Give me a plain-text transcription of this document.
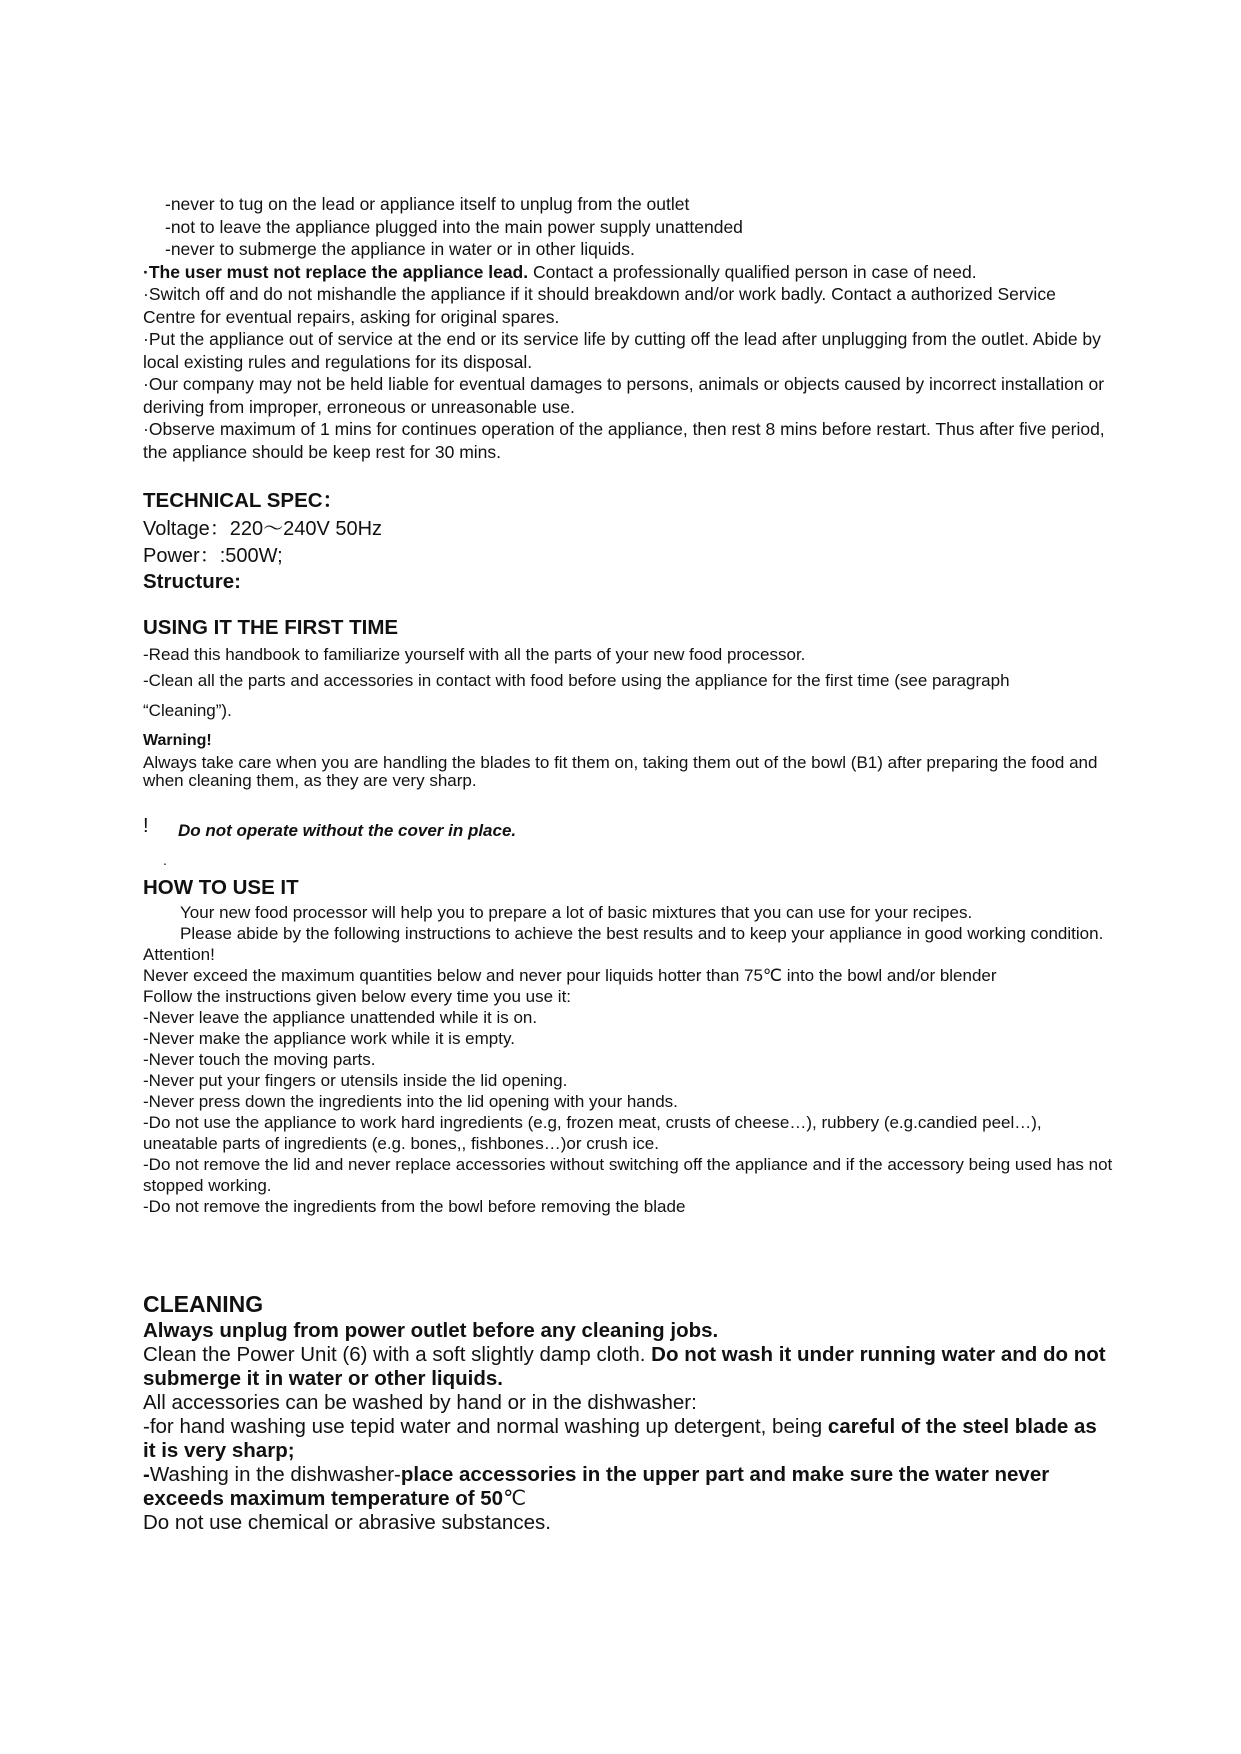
-never to tug on the lead or appliance itself to unplug from the outlet

-not to leave the appliance plugged into the main power supply unattended

-never to submerge the appliance in water or in other liquids.

·The user must not replace the appliance lead. Contact a professionally qualified person in case of need.

·Switch off and do not mishandle the appliance if it should breakdown and/or work badly. Contact a authorized Service Centre for eventual repairs, asking for original spares.

·Put the appliance out of service at the end or its service life by cutting off the lead after unplugging from the outlet. Abide by local existing rules and regulations for its disposal.

·Our company may not be held liable for eventual damages to persons, animals or objects caused by incorrect installation or deriving from improper, erroneous or unreasonable use.

·Observe maximum of 1 mins for continues operation of the appliance, then rest 8 mins before restart. Thus after five period, the appliance should be keep rest for 30 mins.

TECHNICAL SPEC：

Voltage：220～240V 50Hz

Power：:500W;

Structure:

USING IT THE FIRST TIME

-Read this handbook to familiarize yourself with all the parts of your new food processor.

-Clean all the parts and accessories in contact with food before using the appliance for the first time (see paragraph

“Cleaning”).

Warning!

Always take care when you are handling the blades to fit them on, taking them out of the bowl (B1) after preparing the food and when cleaning them, as they are very sharp.

! Do not operate without the cover in place.
.

HOW TO USE IT

Your new food processor will help you to prepare a lot of basic mixtures that you can use for your recipes.

Please abide by the following instructions to achieve the best results and to keep your appliance in good working condition.

Attention!

Never exceed the maximum quantities below and never pour liquids hotter than 75℃ into the bowl and/or blender

Follow the instructions given below every time you use it:

-Never leave the appliance unattended while it is on.

-Never make the appliance work while it is empty.

-Never touch the moving parts.

-Never put your fingers or utensils inside the lid opening.

-Never press down the ingredients into the lid opening with your hands.

-Do not use the appliance to work hard ingredients (e.g, frozen meat, crusts of cheese…), rubbery (e.g.candied peel…), uneatable parts of ingredients (e.g. bones,, fishbones…)or crush ice.

-Do not remove the lid and never replace accessories without switching off the appliance and if the accessory being used has not stopped working.

-Do not remove the ingredients from the bowl before removing the blade

CLEANING

Always unplug from power outlet before any cleaning jobs.

Clean the Power Unit (6) with a soft slightly damp cloth. Do not wash it under running water and do not submerge it in water or other liquids.

All accessories can be washed by hand or in the dishwasher:

-for hand washing use tepid water and normal washing up detergent, being careful of the steel blade as it is very sharp;

-Washing in the dishwasher-place accessories in the upper part and make sure the water never exceeds maximum temperature of 50℃

Do not use chemical or abrasive substances.
